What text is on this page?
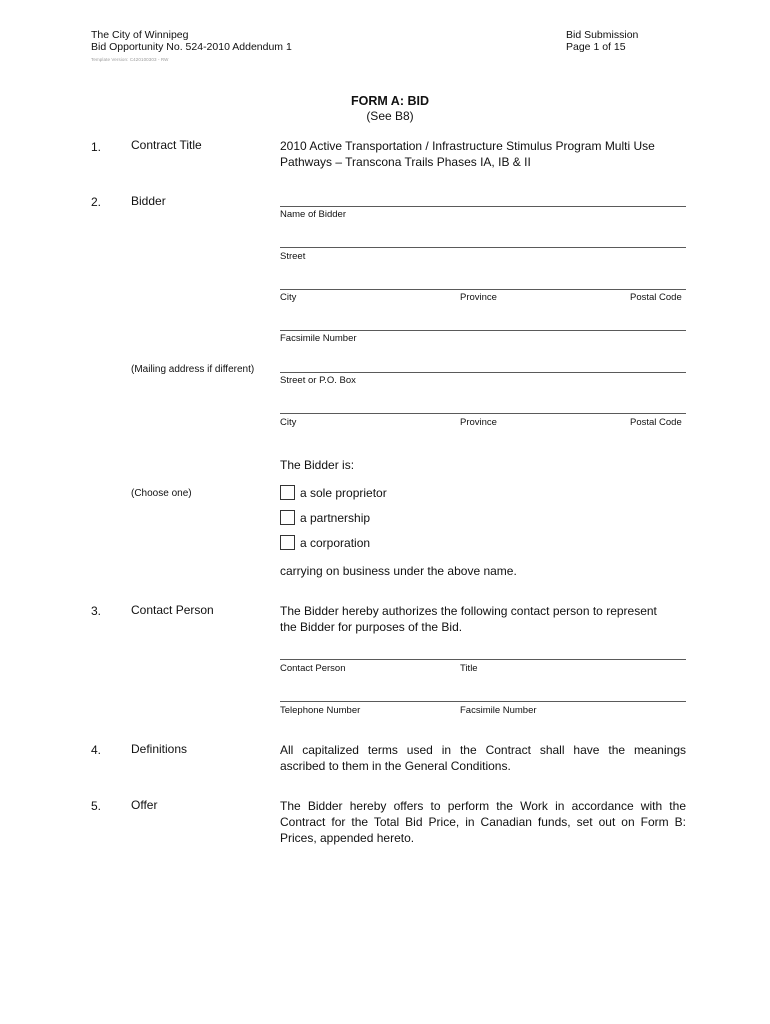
The City of Winnipeg
Bid Opportunity No. 524-2010 Addendum 1
Template Version: C420100303 - RW
Bid Submission
Page 1 of 15
FORM A: BID
(See B8)
1. Contract Title	2010 Active Transportation / Infrastructure Stimulus Program Multi Use
Pathways – Transcona Trails Phases IA, IB & II
2. Bidder
Name of Bidder
Street
City	Province	Postal Code
Facsimile Number
(Mailing address if different)
Street or P.O. Box
City	Province	Postal Code
The Bidder is:
(Choose one)	a sole proprietor
a partnership
a corporation
carrying on business under the above name.
3. Contact Person	The Bidder hereby authorizes the following contact person to represent
the Bidder for purposes of the Bid.
Contact Person	Title
Telephone Number	Facsimile Number
4. Definitions	All capitalized terms used in the Contract shall have the meanings
ascribed to them in the General Conditions.
5. Offer	The Bidder hereby offers to perform the Work in accordance with the
Contract for the Total Bid Price, in Canadian funds, set out on Form B:
Prices, appended hereto.
